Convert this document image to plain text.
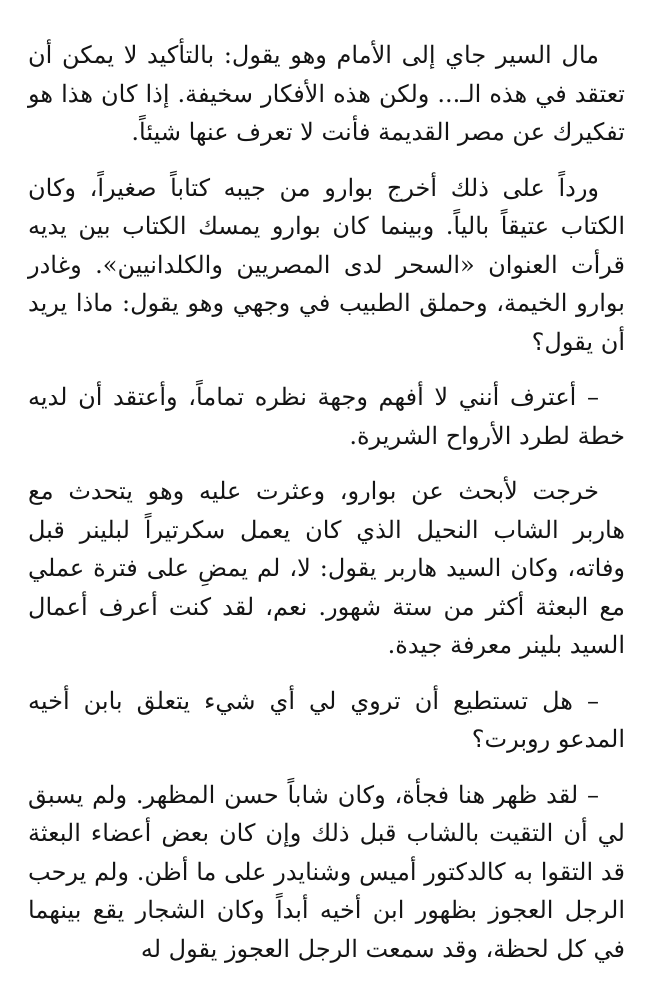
مال السير جاي إلى الأمام وهو يقول: بالتأكيد لا يمكن أن تعتقد في هذه الـ... ولكن هذه الأفكار سخيفة. إذا كان هذا هو تفكيرك عن مصر القديمة فأنت لا تعرف عنها شيئاً.

ورداً على ذلك أخرج بوارو من جيبه كتاباً صغيراً، وكان الكتاب عتيقاً بالياً. وبينما كان بوارو يمسك الكتاب بين يديه قرأت العنوان «السحر لدى المصريين والكلدانيين». وغادر بوارو الخيمة، وحملق الطبيب في وجهي وهو يقول: ماذا يريد أن يقول؟

– أعترف أنني لا أفهم وجهة نظره تماماً، وأعتقد أن لديه خطة لطرد الأرواح الشريرة.

خرجت لأبحث عن بوارو، وعثرت عليه وهو يتحدث مع هاربر الشاب النحيل الذي كان يعمل سكرتيراً لبلينر قبل وفاته، وكان السيد هاربر يقول: لا، لم يمضِ على فترة عملي مع البعثة أكثر من ستة شهور. نعم، لقد كنت أعرف أعمال السيد بلينر معرفة جيدة.

– هل تستطيع أن تروي لي أي شيء يتعلق بابن أخيه المدعو روبرت؟

– لقد ظهر هنا فجأة، وكان شاباً حسن المظهر. ولم يسبق لي أن التقيت بالشاب قبل ذلك وإن كان بعض أعضاء البعثة قد التقوا به كالدكتور أميس وشنايدر على ما أظن. ولم يرحب الرجل العجوز بظهور ابن أخيه أبداً وكان الشجار يقع بينهما في كل لحظة، وقد سمعت الرجل العجوز يقول له
